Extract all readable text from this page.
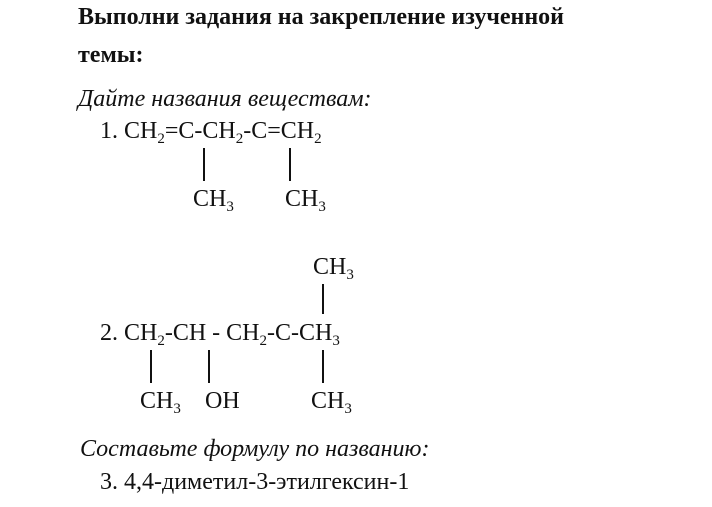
Выполни задания на закрепление изученной
темы:
Дайте названия веществам:
1. $CH_2=C-CH_2-C=CH_2$
$CH_3$ $CH_3$
$CH_3$
2. $CH_2-CH - CH_2-C-CH_3$
$CH_3$ OH	$CH_3$
Составьте формулу по названию:
3. 4,4-диметил-3-этилгексин-1
